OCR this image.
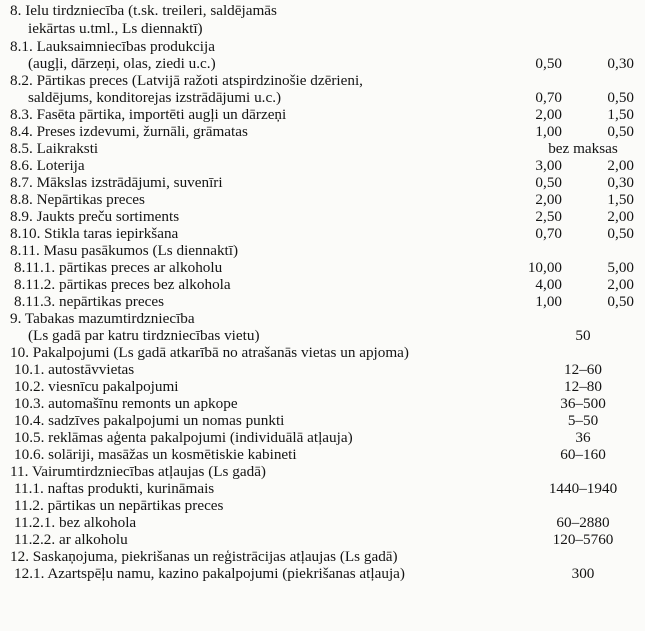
8. Ielu tirdzniecība (t.sk. treileri, saldējamās
iekārtas u.tml., Ls diennaktī)
8.1. Lauksaimniecības produkcija
(augļi, dārzeņi, olas, ziedi u.c.)	0,50	0,30
8.2. Pārtikas preces (Latvijā ražoti atspirdzinošie dzērieni,
saldējums, konditorejas izstrādājumi u.c.)	0,70	0,50
8.3. Fasēta pārtika, importēti augļi un dārzeņi	2,00	1,50
8.4. Preses izdevumi, žurnāli, grāmatas	1,00	0,50
8.5. Laikraksti	bez maksas
8.6. Loterija	3,00	2,00
8.7. Mākslas izstrādājumi, suvenīri	0,50	0,30
8.8. Nepārtikas preces	2,00	1,50
8.9. Jaukts preču sortiments	2,50	2,00
8.10. Stikla taras iepirkšana	0,70	0,50
8.11. Masu pasākumos (Ls diennaktī)
8.11.1. pārtikas preces ar alkoholu	10,00	5,00
8.11.2. pārtikas preces bez alkohola	4,00	2,00
8.11.3. nepārtikas preces	1,00	0,50
9. Tabakas mazumtirdzniecība
(Ls gadā par katru tirdzniecības vietu)	50
10. Pakalpojumi (Ls gadā atkarībā no atrašanās vietas un apjoma)
10.1. autostāvvietas	12–60
10.2. viesnīcu pakalpojumi	12–80
10.3. automašīnu remonts un apkope	36–500
10.4. sadzīves pakalpojumi un nomas punkti	5–50
10.5. reklāmas aģenta pakalpojumi (individuālā atļauja)	36
10.6. solāriji, masāžas un kosmētiskie kabineti	60–160
11. Vairumtirdzniecības atļaujas (Ls gadā)
11.1. naftas produkti, kurināmais	1440–1940
11.2. pārtikas un nepārtikas preces
11.2.1. bez alkohola	60–2880
11.2.2. ar alkoholu	120–5760
12. Saskaņojuma, piekrišanas un reģistrācijas atļaujas (Ls gadā)
12.1. Azartspēļu namu, kazino pakalpojumi (piekrišanas atļauja)	300
